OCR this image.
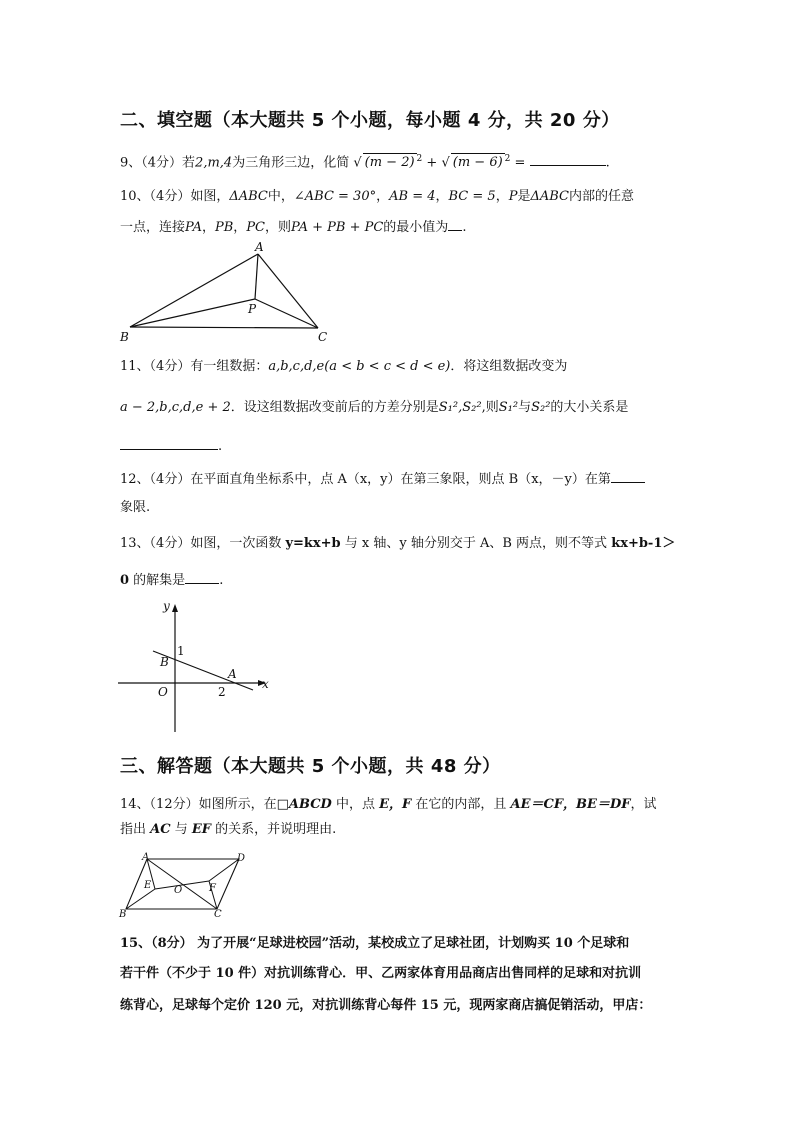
二、填空题（本大题共 5 个小题，每小题 4 分，共 20 分）
9、（4分）若2,m,4为三角形三边，化简 √ (m − 2) $^2$ + √ (m − 6) $^2$ =	.
10、（4分）如图，ΔABC中，∠ABC = 30°，AB = 4，BC = 5，P是ΔABC内部的任意
一点，连接PA，PB，PC，则PA + PB + PC的最小值为 .
A
B	C
P
11、（4分）有一组数据：a,b,c,d,e(a < b < c < d < e)．将这组数据改变为
a − 2,b,c,d,e + 2．设这组数据改变前后的方差分别是S₁²,S₂²,则S₁²与S₂²的大小关系是
.
12、（4分）在平面直角坐标系中，点 A（x，y）在第三象限，则点 B（x，－y）在第
象限.
13、（4分）如图，一次函数 y=kx+b 与 x 轴、y 轴分别交于 A、B 两点，则不等式 kx+b-1＞
0 的解集是	.
y
x
1
B
A
O	2
三、解答题（本大题共 5 个小题，共 48 分）
14、（12分）如图所示，在□ABCD 中，点 E，F 在它的内部，且 AE＝CF，BE＝DF，试
指出 AC 与 EF 的关系，并说明理由.
A	D
E O	F
B	C
15、（8分） 为了开展“足球进校园”活动，某校成立了足球社团，计划购买 10 个足球和
若干件（不少于 10 件）对抗训练背心．甲、乙两家体育用品商店出售同样的足球和对抗训
练背心，足球每个定价 120 元，对抗训练背心每件 15 元，现两家商店搞促销活动，甲店：
